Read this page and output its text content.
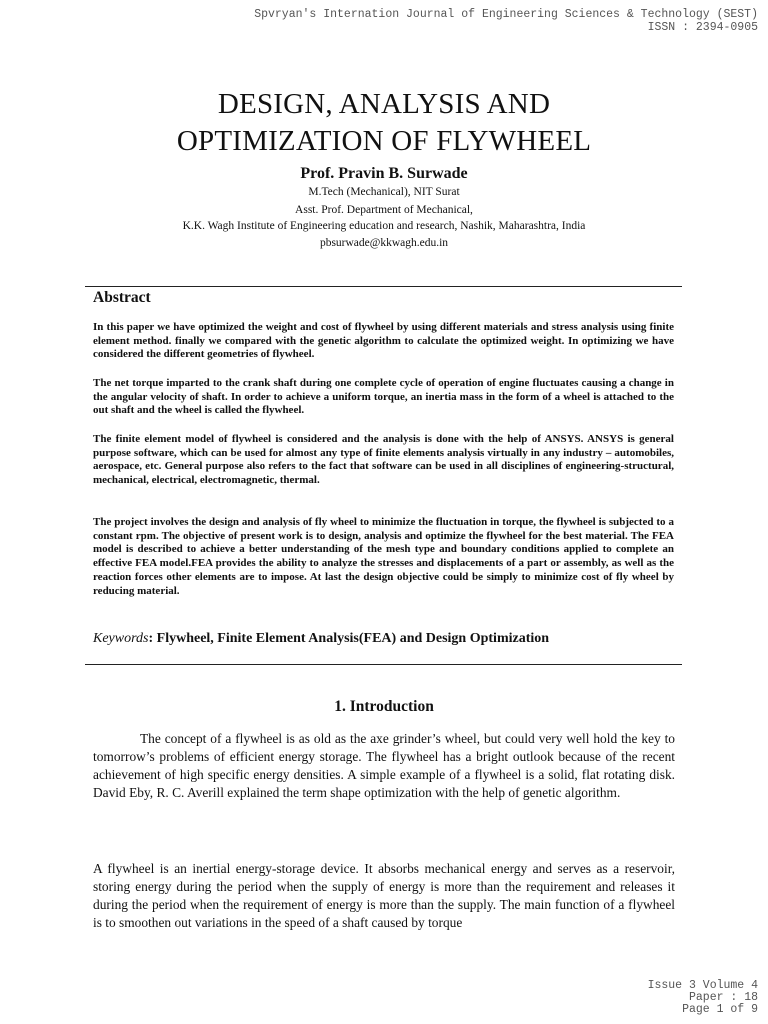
Spvryan's Internation Journal of Engineering Sciences & Technology (SEST)
ISSN : 2394-0905
DESIGN, ANALYSIS AND
OPTIMIZATION OF FLYWHEEL
Prof. Pravin B. Surwade
M.Tech (Mechanical), NIT Surat
Asst. Prof. Department of Mechanical,
K.K. Wagh Institute of Engineering education and research, Nashik, Maharashtra, India
pbsurwade@kkwagh.edu.in
Abstract

In this paper we have optimized the weight and cost of flywheel by using different materials and stress analysis using finite element method. finally we compared with the genetic algorithm to calculate the optimized weight. In optimizing we have considered the different geometries of flywheel.

The net torque imparted to the crank shaft during one complete cycle of operation of engine fluctuates causing a change in the angular velocity of shaft. In order to achieve a uniform torque, an inertia mass in the form of a wheel is attached to the out shaft and the wheel is called the flywheel.

The finite element model of flywheel is considered and the analysis is done with the help of ANSYS. ANSYS is general purpose software, which can be used for almost any type of finite elements analysis virtually in any industry – automobiles, aerospace, etc. General purpose also refers to the fact that software can be used in all disciplines of engineering-structural, mechanical, electrical, electromagnetic, thermal.

The project involves the design and analysis of fly wheel to minimize the fluctuation in torque, the flywheel is subjected to a constant rpm. The objective of present work is to design, analysis and optimize the flywheel for the best material. The FEA model is described to achieve a better understanding of the mesh type and boundary conditions applied to complete an effective FEA model.FEA provides the ability to analyze the stresses and displacements of a part or assembly, as well as the reaction forces other elements are to impose. At last the design objective could be simply to minimize cost of fly wheel by reducing material.

Keywords: Flywheel, Finite Element Analysis(FEA) and Design Optimization
1. Introduction

The concept of a flywheel is as old as the axe grinder’s wheel, but could very well hold the key to tomorrow’s problems of efficient energy storage. The flywheel has a bright outlook because of the recent achievement of high specific energy densities. A simple example of a flywheel is a solid, flat rotating disk. David Eby, R. C. Averill explained the term shape optimization with the help of genetic algorithm.

A flywheel is an inertial energy-storage device. It absorbs mechanical energy and serves as a reservoir, storing energy during the period when the supply of energy is more than the requirement and releases it during the period when the requirement of energy is more than the supply. The main function of a flywheel is to smoothen out variations in the speed of a shaft caused by torque

Issue 3 Volume 4
Paper : 18
Page 1 of 9
